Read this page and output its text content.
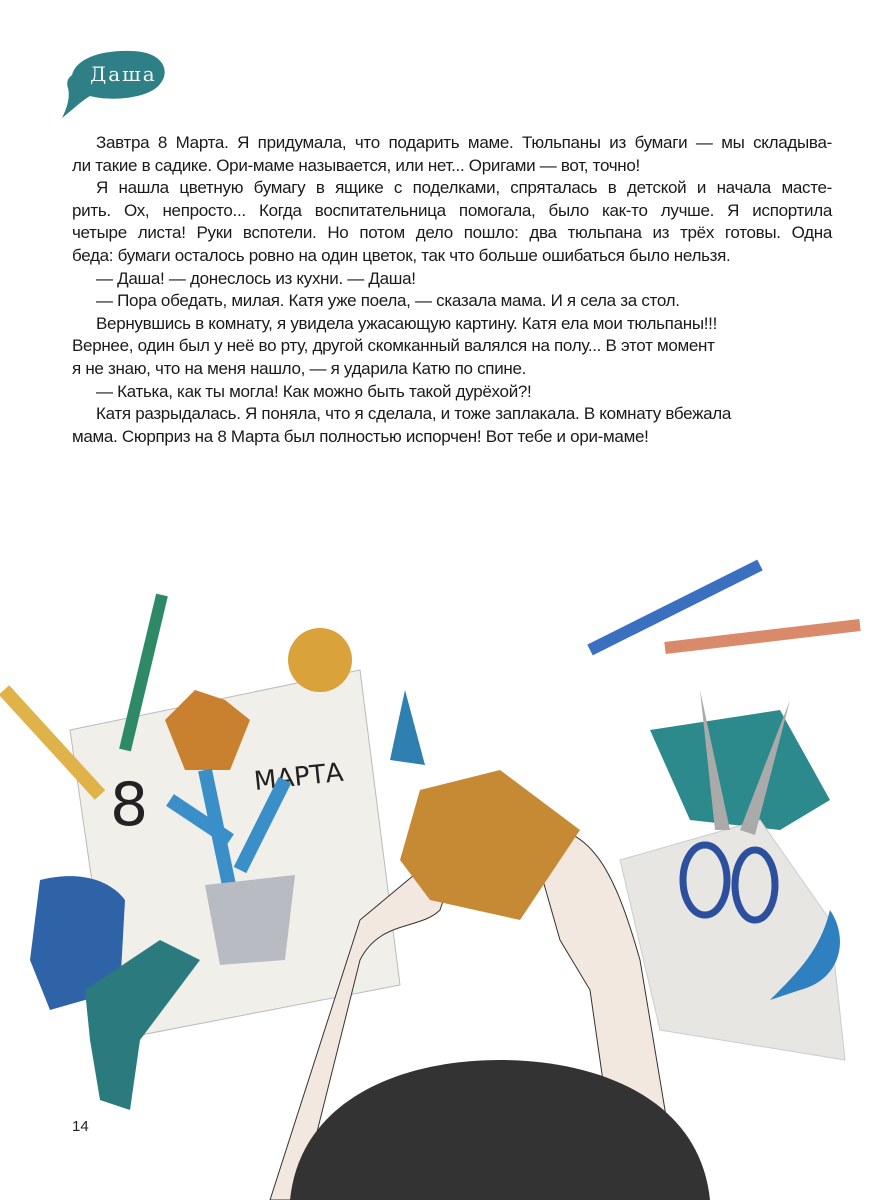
Даша
Завтра 8 Марта. Я придумала, что подарить маме. Тюльпаны из бумаги — мы складыва-
ли такие в садике. Ори-маме называется, или нет... Оригами — вот, точно!
Я нашла цветную бумагу в ящике с поделками, спряталась в детской и начала масте-
рить. Ох, непросто... Когда воспитательница помогала, было как-то лучше. Я испортила
четыре листа! Руки вспотели. Но потом дело пошло: два тюльпана из трёх готовы. Одна
беда: бумаги осталось ровно на один цветок, так что больше ошибаться было нельзя.
— Даша! — донеслось из кухни. — Даша!
— Пора обедать, милая. Катя уже поела, — сказала мама. И я села за стол.
Вернувшись в комнату, я увидела ужасающую картину. Катя ела мои тюльпаны!!!
Вернее, один был у неё во рту, другой скомканный валялся на полу... В этот момент
я не знаю, что на меня нашло, — я ударила Катю по спине.
— Катька, как ты могла! Как можно быть такой дурёхой?!
Катя разрыдалась. Я поняла, что я сделала, и тоже заплакала. В комнату вбежала
мама. Сюрприз на 8 Марта был полностью испорчен! Вот тебе и ори-маме!
8	МАРТА
14
